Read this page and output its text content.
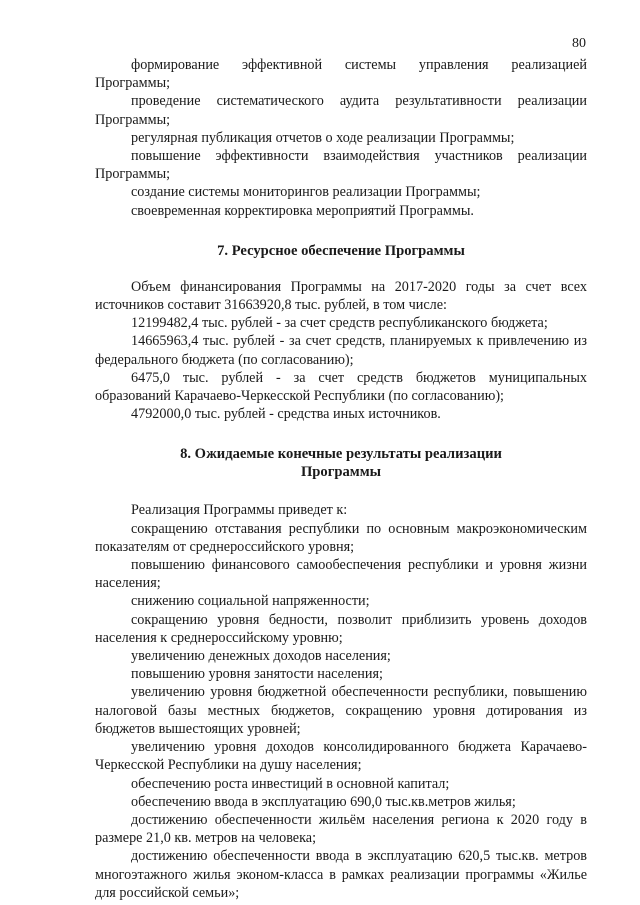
80

формирование эффективной системы управления реализацией Программы;

проведение систематического аудита результативности реализации Программы;

регулярная публикация отчетов о ходе реализации Программы;

повышение эффективности взаимодействия участников реализации Программы;

создание системы мониторингов реализации Программы;

своевременная корректировка мероприятий Программы.

7. Ресурсное обеспечение Программы

Объем финансирования Программы на 2017-2020 годы за счет всех источников составит 31663920,8 тыс. рублей, в том числе:

12199482,4 тыс. рублей - за счет средств республиканского бюджета;

14665963,4 тыс. рублей - за счет средств, планируемых к привлечению из федерального бюджета (по согласованию);

6475,0 тыс. рублей - за счет средств бюджетов муниципальных образований Карачаево-Черкесской Республики (по согласованию);

4792000,0 тыс. рублей - средства иных источников.

8. Ожидаемые конечные результаты реализации
Программы

Реализация Программы приведет к:

сокращению отставания республики по основным макроэкономическим показателям от среднероссийского уровня;

повышению финансового самообеспечения республики и уровня жизни населения;

снижению социальной напряженности;

сокращению уровня бедности, позволит приблизить уровень доходов населения к среднероссийскому уровню;

увеличению денежных доходов населения;

повышению уровня занятости населения;

увеличению уровня бюджетной обеспеченности республики, повышению налоговой базы местных бюджетов, сокращению уровня дотирования из бюджетов вышестоящих уровней;

увеличению уровня доходов консолидированного бюджета Карачаево-Черкесской Республики на душу населения;

обеспечению роста инвестиций в основной капитал;

обеспечению ввода в эксплуатацию 690,0 тыс.кв.метров жилья;

достижению обеспеченности жильём населения региона к 2020 году в размере 21,0 кв. метров на человека;

достижению обеспеченности ввода в эксплуатацию 620,5 тыс.кв. метров многоэтажного жилья эконом-класса в рамках реализации программы «Жилье для российской семьи»;
